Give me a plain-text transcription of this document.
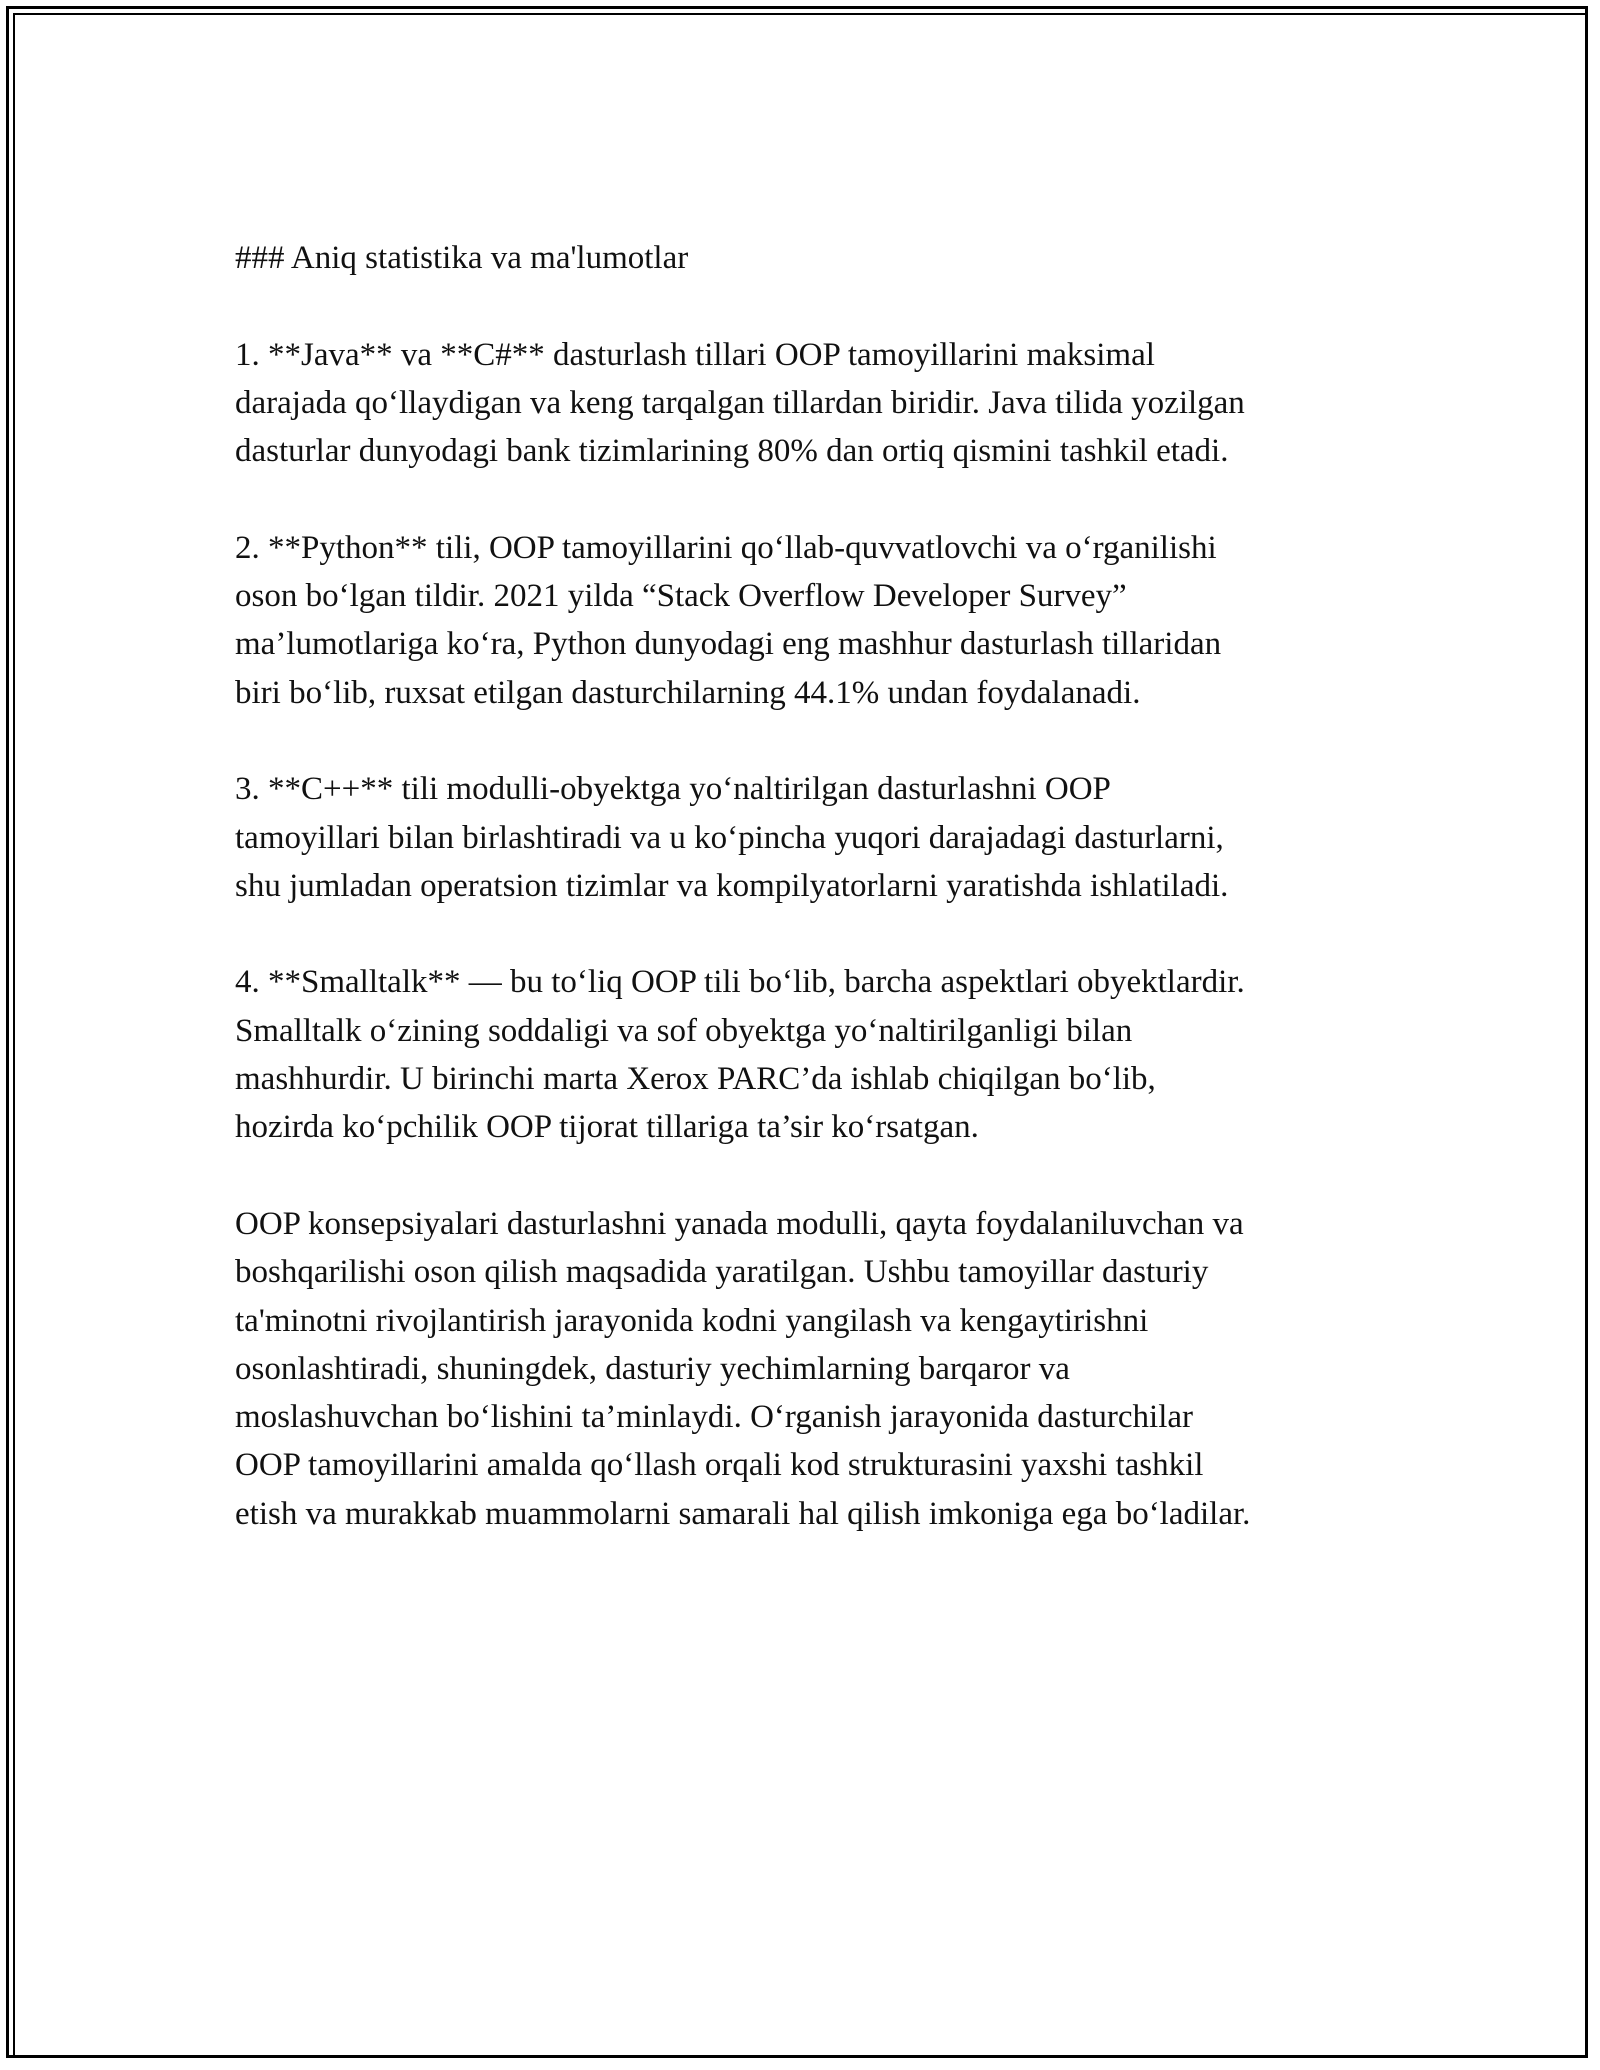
### Aniq statistika va ma'lumotlar

1. **Java** va **C#** dasturlash tillari OOP tamoyillarini maksimal
darajada qo‘llaydigan va keng tarqalgan tillardan biridir. Java tilida yozilgan
dasturlar dunyodagi bank tizimlarining 80% dan ortiq qismini tashkil etadi.

2. **Python** tili, OOP tamoyillarini qo‘llab-quvvatlovchi va o‘rganilishi
oson bo‘lgan tildir. 2021 yilda “Stack Overflow Developer Survey”
ma’lumotlariga ko‘ra, Python dunyodagi eng mashhur dasturlash tillaridan
biri bo‘lib, ruxsat etilgan dasturchilarning 44.1% undan foydalanadi.

3. **C++** tili modulli-obyektga yo‘naltirilgan dasturlashni OOP
tamoyillari bilan birlashtiradi va u ko‘pincha yuqori darajadagi dasturlarni,
shu jumladan operatsion tizimlar va kompilyatorlarni yaratishda ishlatiladi.

4. **Smalltalk** — bu to‘liq OOP tili bo‘lib, barcha aspektlari obyektlardir.
Smalltalk o‘zining soddaligi va sof obyektga yo‘naltirilganligi bilan
mashhurdir. U birinchi marta Xerox PARC’da ishlab chiqilgan bo‘lib,
hozirda ko‘pchilik OOP tijorat tillariga ta’sir ko‘rsatgan.

OOP konsepsiyalari dasturlashni yanada modulli, qayta foydalaniluvchan va
boshqarilishi oson qilish maqsadida yaratilgan. Ushbu tamoyillar dasturiy
ta'minotni rivojlantirish jarayonida kodni yangilash va kengaytirishni
osonlashtiradi, shuningdek, dasturiy yechimlarning barqaror va
moslashuvchan bo‘lishini ta’minlaydi. O‘rganish jarayonida dasturchilar
OOP tamoyillarini amalda qo‘llash orqali kod strukturasini yaxshi tashkil
etish va murakkab muammolarni samarali hal qilish imkoniga ega bo‘ladilar.
